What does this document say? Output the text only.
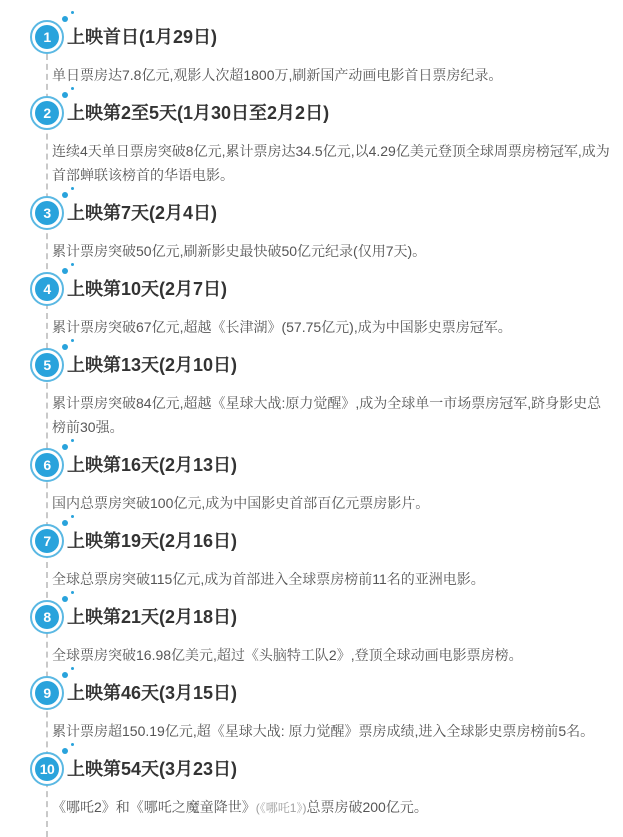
1 上映首日(1月29日)

单日票房达7.8亿元,观影人次超1800万,刷新国产动画电影首日票房纪录。

2 上映第2至5天(1月30日至2月2日)

连续4天单日票房突破8亿元,累计票房达34.5亿元,以4.29亿美元登顶全球周票房榜冠军,成为首部蝉联该榜首的华语电影。

3 上映第7天(2月4日)

累计票房突破50亿元,刷新影史最快破50亿元纪录(仅用7天)。

4 上映第10天(2月7日)

累计票房突破67亿元,超越《长津湖》(57.75亿元),成为中国影史票房冠军。

5 上映第13天(2月10日)

累计票房突破84亿元,超越《星球大战:原力觉醒》,成为全球单一市场票房冠军,跻身影史总榜前30强。

6 上映第16天(2月13日)

国内总票房突破100亿元,成为中国影史首部百亿元票房影片。

7 上映第19天(2月16日)

全球总票房突破115亿元,成为首部进入全球票房榜前11名的亚洲电影。

8 上映第21天(2月18日)

全球票房突破16.98亿美元,超过《头脑特工队2》,登顶全球动画电影票房榜。

9 上映第46天(3月15日)

累计票房超150.19亿元,超《星球大战: 原力觉醒》票房成绩,进入全球影史票房榜前5名。

10 上映第54天(3月23日)

《哪吒2》和《哪吒之魔童降世》(《哪吒1》)总票房破200亿元。
